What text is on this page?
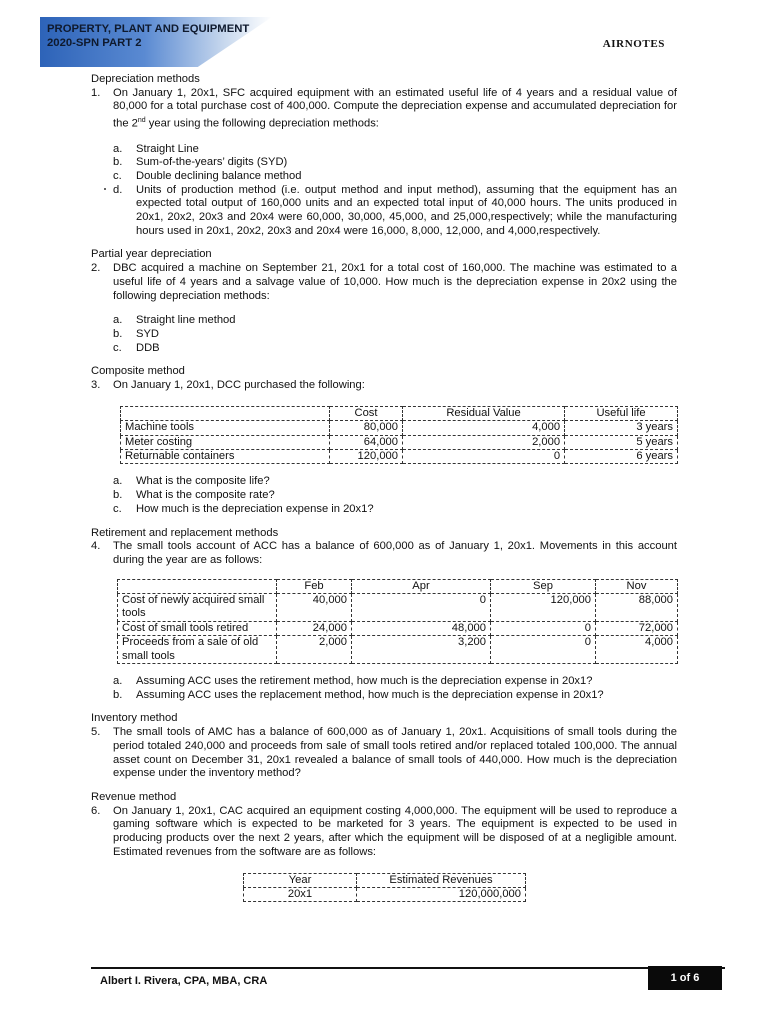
PROPERTY, PLANT AND EQUIPMENT
2020-SPN PART 2	AIRNOTES
Depreciation methods

1. On January 1, 20x1, SFC acquired equipment with an estimated useful life of 4 years and a residual value of 80,000 for a total purchase cost of 400,000. Compute the depreciation expense and accumulated depreciation for the 2nd year using the following depreciation methods:

a. Straight Line
b. Sum-of-the-years’ digits (SYD)
c. Double declining balance method
d. Units of production method (i.e. output method and input method), assuming that the equipment has an expected total output of 160,000 units and an expected total input of 40,000 hours. The units produced in 20x1, 20x2, 20x3 and 20x4 were 60,000, 30,000, 45,000, and 25,000,respectively; while the manufacturing hours used in 20x1, 20x2, 20x3 and 20x4 were 16,000, 8,000, 12,000, and 4,000,respectively.
Partial year depreciation

2. DBC acquired a machine on September 21, 20x1 for a total cost of 160,000. The machine was estimated to a useful life of 4 years and a salvage value of 10,000. How much is the depreciation expense in 20x2 using the following depreciation methods:

a. Straight line method
b. SYD
c. DDB
Composite method

3. On January 1, 20x1, DCC purchased the following:

	Cost	Residual Value	Useful life
Machine tools	80,000	4,000	3 years
Meter costing	64,000	2,000	5 years
Returnable containers	120,000	0	6 years
a. What is the composite life?
b. What is the composite rate?
c. How much is the depreciation expense in 20x1?
Retirement and replacement methods

4. The small tools account of ACC has a balance of 600,000 as of January 1, 20x1. Movements in this account during the year are as follows:

	Feb	Apr	Sep	Nov
Cost of newly acquired small tools	40,000	0	120,000	88,000
Cost of small tools retired	24,000	48,000	0	72,000
Proceeds from a sale of old small tools	2,000	3,200	0	4,000
a. Assuming ACC uses the retirement method, how much is the depreciation expense in 20x1?
b. Assuming ACC uses the replacement method, how much is the depreciation expense in 20x1?
Inventory method

5. The small tools of AMC has a balance of 600,000 as of January 1, 20x1. Acquisitions of small tools during the period totaled 240,000 and proceeds from sale of small tools retired and/or replaced totaled 100,000. The annual asset count on December 31, 20x1 revealed a balance of small tools of 440,000. How much is the depreciation expense under the inventory method?

Revenue method

6. On January 1, 20x1, CAC acquired an equipment costing 4,000,000. The equipment will be used to reproduce a gaming software which is expected to be marketed for 3 years. The equipment is expected to be used in producing products over the next 2 years, after which the equipment will be disposed of at a negligible amount. Estimated revenues from the software are as follows:

Year	Estimated Revenues
20x1	120,000,000
Albert I. Rivera, CPA, MBA, CRA	1 of 6
